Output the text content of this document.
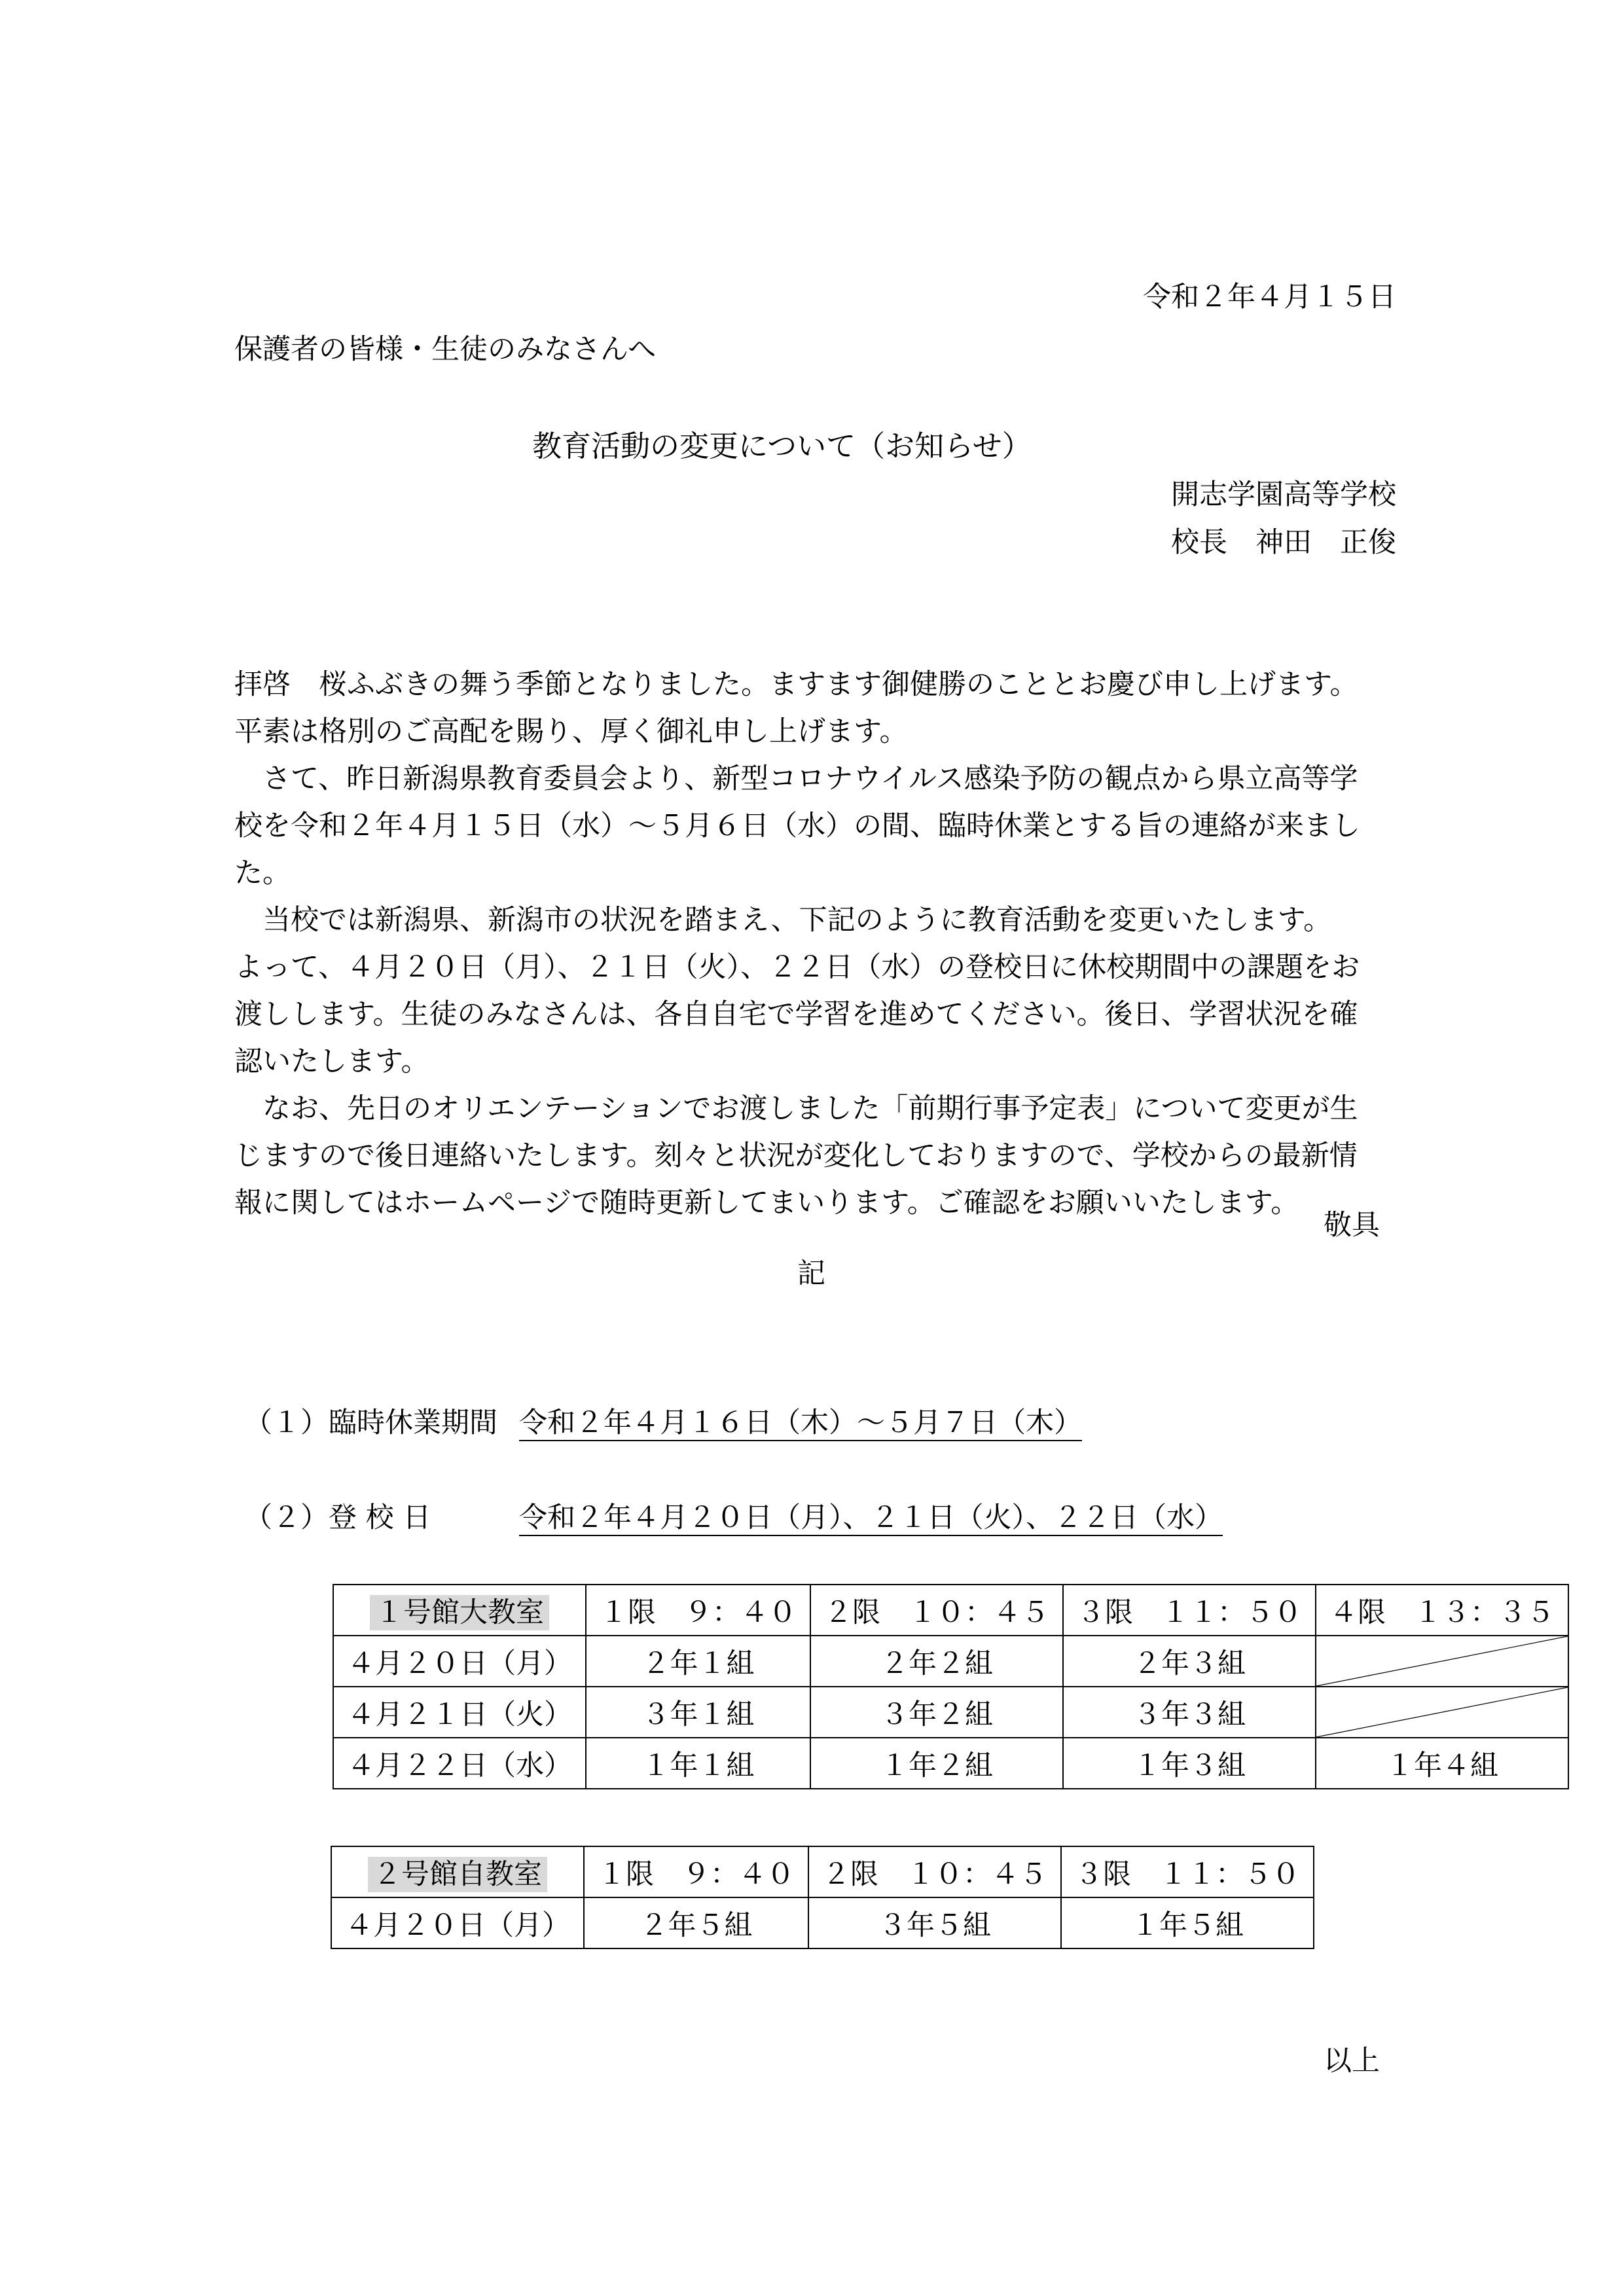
令和２年４月１５日
保護者の皆様・生徒のみなさんへ
教育活動の変更について（お知らせ）
開志学園高等学校
校長　神田　正俊

拝啓　桜ふぶきの舞う季節となりました。ますます御健勝のこととお慶び申し上げます。平素は格別のご高配を賜り、厚く御礼申し上げます。

　さて、昨日新潟県教育委員会より、新型コロナウイルス感染予防の観点から県立高等学校を令和２年４月１５日（水）～５月６日（水）の間、臨時休業とする旨の連絡が来ました。

　当校では新潟県、新潟市の状況を踏まえ、下記のように教育活動を変更いたします。

よって、４月２０日（月）、２１日（火）、２２日（水）の登校日に休校期間中の課題をお渡しします。生徒のみなさんは、各自自宅で学習を進めてください。後日、学習状況を確認いたします。

　なお、先日のオリエンテーションでお渡しました「前期行事予定表」について変更が生じますので後日連絡いたします。刻々と状況が変化しておりますので、学校からの最新情報に関してはホームページで随時更新してまいります。ご確認をお願いいたします。

敬具
記
（１）臨時休業期間 令和２年４月１６日（木）～５月７日（木）
（２）登 校 日	令和２年４月２０日（月）、２１日（火）、２２日（水）
１号館大教室	１限　９：４０	２限　１０：４５	３限　１１：５０	４限　１３：３５
４月２０日（月）	２年１組	２年２組	２年３組	

４月２１日（火）	３年１組	３年２組	３年３組	

４月２２日（水）	１年１組	１年２組	１年３組	１年４組
２号館自教室	１限　９：４０	２限　１０：４５	３限　１１：５０
４月２０日（月）	２年５組	３年５組	１年５組
以上
